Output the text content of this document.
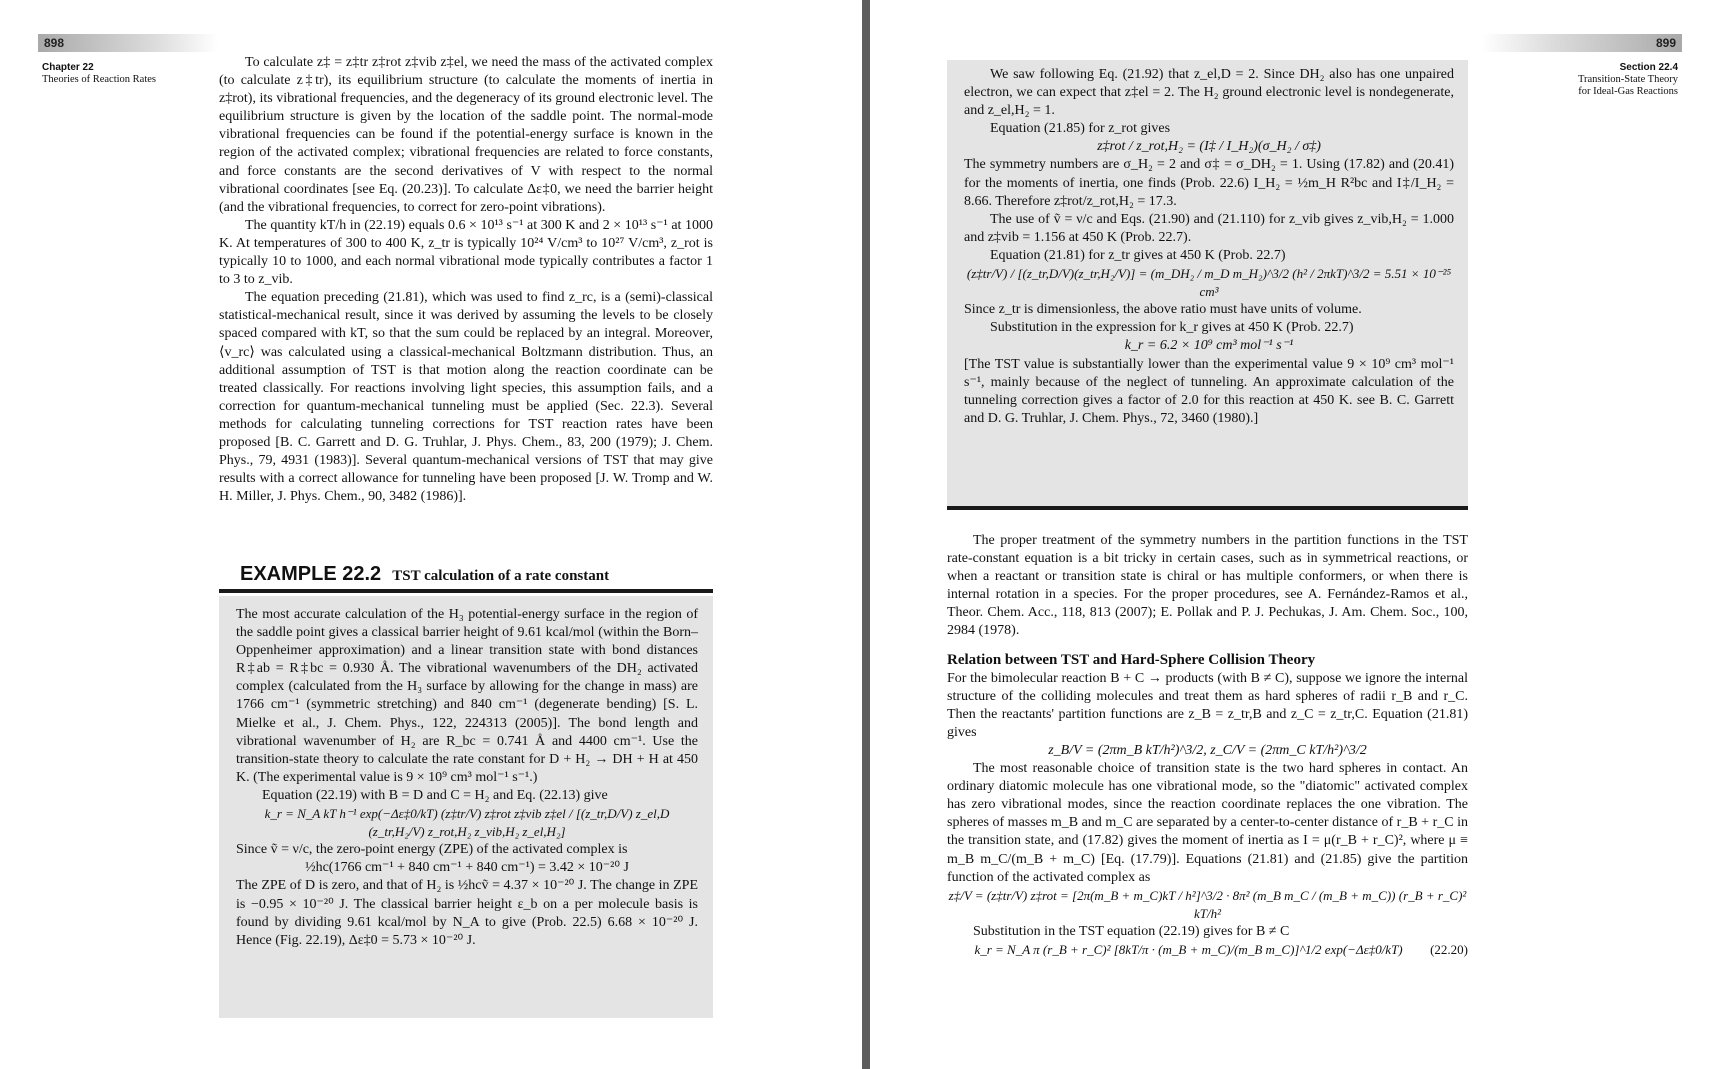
898
Chapter 22
Theories of Reaction Rates

To calculate z‡ = z‡tr z‡rot z‡vib z‡el, we need the mass of the activated complex (to calculate z‡tr), its equilibrium structure (to calculate the moments of inertia in z‡rot), its vibrational frequencies, and the degeneracy of its ground electronic level. The equilibrium structure is given by the location of the saddle point. The normal-mode vibrational frequencies can be found if the potential-energy surface is known in the region of the activated complex; vibrational frequencies are related to force constants, and force constants are the second derivatives of V with respect to the normal vibrational coordinates [see Eq. (20.23)]. To calculate Δε‡0, we need the barrier height (and the vibrational frequencies, to correct for zero-point vibrations).

The quantity kT/h in (22.19) equals 0.6 × 10¹³ s⁻¹ at 300 K and 2 × 10¹³ s⁻¹ at 1000 K. At temperatures of 300 to 400 K, z_tr is typically 10²⁴ V/cm³ to 10²⁷ V/cm³, z_rot is typically 10 to 1000, and each normal vibrational mode typically contributes a factor 1 to 3 to z_vib.

The equation preceding (21.81), which was used to find z_rc, is a (semi)-classical statistical-mechanical result, since it was derived by assuming the levels to be closely spaced compared with kT, so that the sum could be replaced by an integral. Moreover, ⟨v_rc⟩ was calculated using a classical-mechanical Boltzmann distribution. Thus, an additional assumption of TST is that motion along the reaction coordinate can be treated classically. For reactions involving light species, this assumption fails, and a correction for quantum-mechanical tunneling must be applied (Sec. 22.3). Several methods for calculating tunneling corrections for TST reaction rates have been proposed [B. C. Garrett and D. G. Truhlar, J. Phys. Chem., 83, 200 (1979); J. Chem. Phys., 79, 4931 (1983)]. Several quantum-mechanical versions of TST that may give results with a correct allowance for tunneling have been proposed [J. W. Tromp and W. H. Miller, J. Phys. Chem., 90, 3482 (1986)].

EXAMPLE 22.2 TST calculation of a rate constant

The most accurate calculation of the H₃ potential-energy surface in the region of the saddle point gives a classical barrier height of 9.61 kcal/mol (within the Born–Oppenheimer approximation) and a linear transition state with bond distances R‡ab = R‡bc = 0.930 Å. The vibrational wavenumbers of the DH₂ activated complex (calculated from the H₃ surface by allowing for the change in mass) are 1766 cm⁻¹ (symmetric stretching) and 840 cm⁻¹ (degenerate bending) [S. L. Mielke et al., J. Chem. Phys., 122, 224313 (2005)]. The bond length and vibrational wavenumber of H₂ are R_bc = 0.741 Å and 4400 cm⁻¹. Use the transition-state theory to calculate the rate constant for D + H₂ → DH + H at 450 K. (The experimental value is 9 × 10⁹ cm³ mol⁻¹ s⁻¹.)

Equation (22.19) with B = D and C = H₂ and Eq. (22.13) give

k_r = N_A kT h⁻¹ exp(−Δε‡0/kT) (z‡tr/V) z‡rot z‡vib z‡el / [(z_tr,D/V) z_el,D (z_tr,H₂/V) z_rot,H₂ z_vib,H₂ z_el,H₂]

Since ṽ = ν/c, the zero-point energy (ZPE) of the activated complex is

½hc(1766 cm⁻¹ + 840 cm⁻¹ + 840 cm⁻¹) = 3.42 × 10⁻²⁰ J

The ZPE of D is zero, and that of H₂ is ½hcṽ = 4.37 × 10⁻²⁰ J. The change in ZPE is −0.95 × 10⁻²⁰ J. The classical barrier height ε_b on a per molecule basis is found by dividing 9.61 kcal/mol by N_A to give (Prob. 22.5) 6.68 × 10⁻²⁰ J. Hence (Fig. 22.19), Δε‡0 = 5.73 × 10⁻²⁰ J.

899
Section 22.4
Transition-State Theory
for Ideal-Gas Reactions

We saw following Eq. (21.92) that z_el,D = 2. Since DH₂ also has one unpaired electron, we can expect that z‡el = 2. The H₂ ground electronic level is nondegenerate, and z_el,H₂ = 1.

Equation (21.85) for z_rot gives

z‡rot / z_rot,H₂ = (I‡ / I_H₂)(σ_H₂ / σ‡)

The symmetry numbers are σ_H₂ = 2 and σ‡ = σ_DH₂ = 1. Using (17.82) and (20.41) for the moments of inertia, one finds (Prob. 22.6) I_H₂ = ½m_H R²bc and I‡/I_H₂ = 8.66. Therefore z‡rot/z_rot,H₂ = 17.3.

The use of ṽ = ν/c and Eqs. (21.90) and (21.110) for z_vib gives z_vib,H₂ = 1.000 and z‡vib = 1.156 at 450 K (Prob. 22.7).

Equation (21.81) for z_tr gives at 450 K (Prob. 22.7)

(z‡tr/V) / [(z_tr,D/V)(z_tr,H₂/V)] = (m_DH₂ / m_D m_H₂)^3/2 (h² / 2πkT)^3/2 = 5.51 × 10⁻²⁵ cm³

Since z_tr is dimensionless, the above ratio must have units of volume.

Substitution in the expression for k_r gives at 450 K (Prob. 22.7)

k_r = 6.2 × 10⁹ cm³ mol⁻¹ s⁻¹

[The TST value is substantially lower than the experimental value 9 × 10⁹ cm³ mol⁻¹ s⁻¹, mainly because of the neglect of tunneling. An approximate calculation of the tunneling correction gives a factor of 2.0 for this reaction at 450 K. see B. C. Garrett and D. G. Truhlar, J. Chem. Phys., 72, 3460 (1980).]

The proper treatment of the symmetry numbers in the partition functions in the TST rate-constant equation is a bit tricky in certain cases, such as in symmetrical reactions, or when a reactant or transition state is chiral or has multiple conformers, or when there is internal rotation in a species. For the proper procedures, see A. Fernández-Ramos et al., Theor. Chem. Acc., 118, 813 (2007); E. Pollak and P. J. Pechukas, J. Am. Chem. Soc., 100, 2984 (1978).

Relation between TST and Hard-Sphere Collision Theory

For the bimolecular reaction B + C → products (with B ≠ C), suppose we ignore the internal structure of the colliding molecules and treat them as hard spheres of radii r_B and r_C. Then the reactants' partition functions are z_B = z_tr,B and z_C = z_tr,C. Equation (21.81) gives

z_B/V = (2πm_B kT/h²)^3/2, z_C/V = (2πm_C kT/h²)^3/2

The most reasonable choice of transition state is the two hard spheres in contact. An ordinary diatomic molecule has one vibrational mode, so the "diatomic" activated complex has zero vibrational modes, since the reaction coordinate replaces the one vibration. The spheres of masses m_B and m_C are separated by a center-to-center distance of r_B + r_C in the transition state, and (17.82) gives the moment of inertia as I = μ(r_B + r_C)², where μ ≡ m_B m_C/(m_B + m_C) [Eq. (17.79)]. Equations (21.81) and (21.85) give the partition function of the activated complex as

z‡/V = (z‡tr/V) z‡rot = [2π(m_B + m_C)kT / h²]^3/2 · 8π² (m_B m_C / (m_B + m_C)) (r_B + r_C)² kT/h²

Substitution in the TST equation (22.19) gives for B ≠ C

k_r = N_A π (r_B + r_C)² [8kT/π · (m_B + m_C)/(m_B m_C)]^1/2 exp(−Δε‡0/kT) (22.20)
